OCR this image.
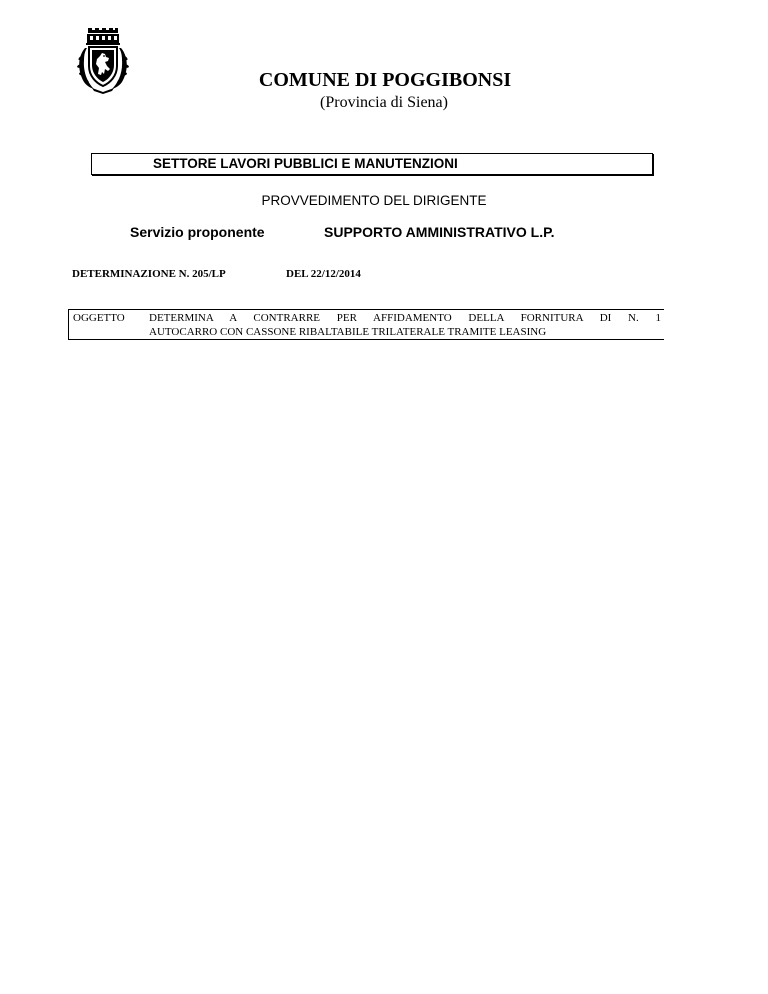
COMUNE DI POGGIBONSI
(Provincia di Siena)
SETTORE LAVORI PUBBLICI E MANUTENZIONI
PROVVEDIMENTO DEL DIRIGENTE
Servizio proponente	SUPPORTO AMMINISTRATIVO L.P.
DETERMINAZIONE N. 205/LP	DEL 22/12/2014
OGGETTO DETERMINA A CONTRARRE PER AFFIDAMENTO DELLA FORNITURA DI N. 1
AUTOCARRO CON CASSONE RIBALTABILE TRILATERALE TRAMITE LEASING
